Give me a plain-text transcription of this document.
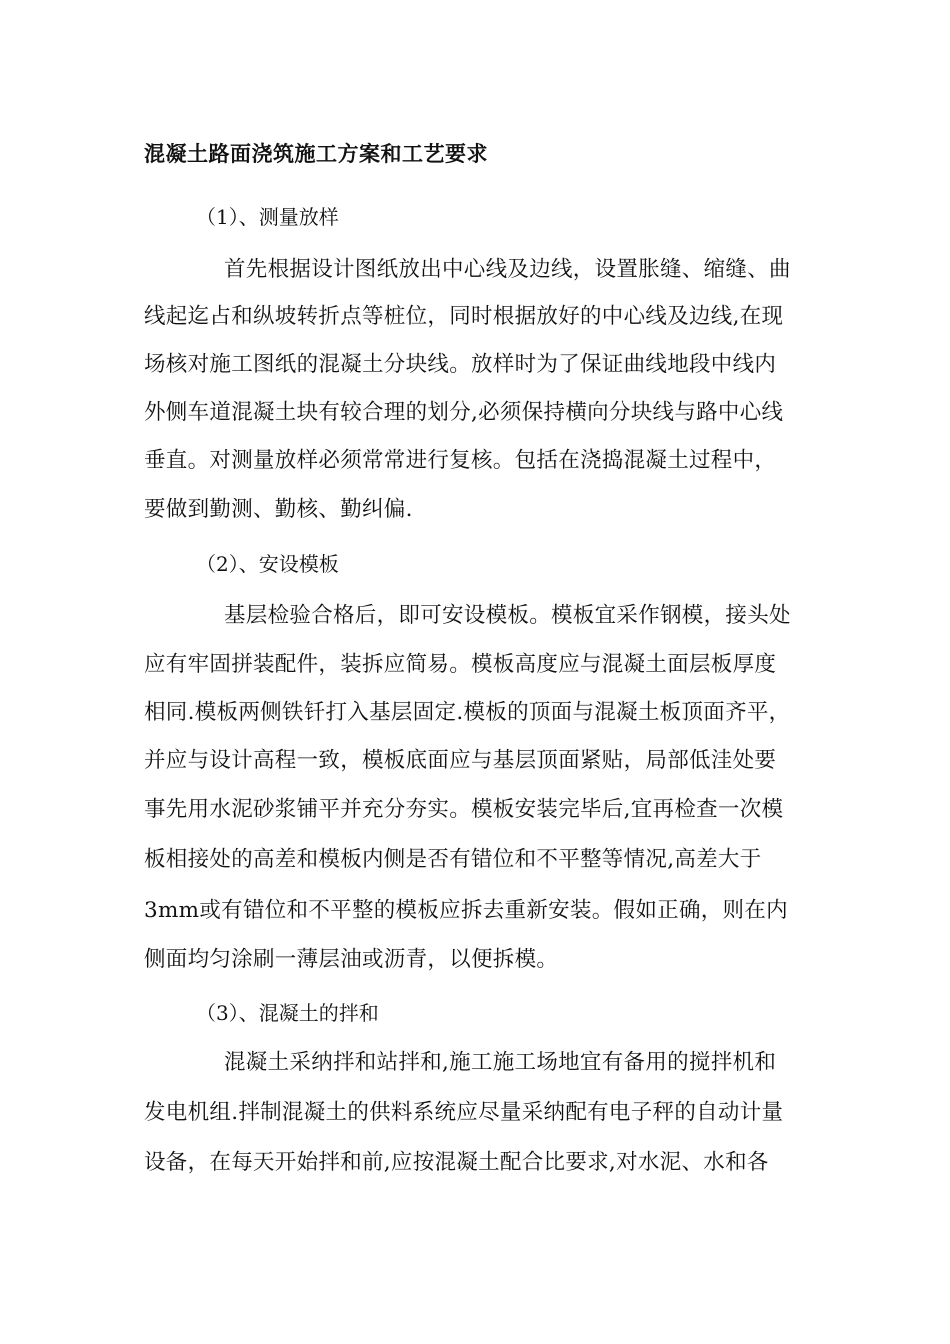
混凝土路面浇筑施工方案和工艺要求
（1）、测量放样
首先根据设计图纸放出中心线及边线，设置胀缝、缩缝、曲
线起迄占和纵坡转折点等桩位，同时根据放好的中心线及边线,在现
场核对施工图纸的混凝土分块线。放样时为了保证曲线地段中线内
外侧车道混凝土块有较合理的划分,必须保持横向分块线与路中心线
垂直。对测量放样必须常常进行复核。包括在浇捣混凝土过程中，
要做到勤测、勤核、勤纠偏.
（2）、安设模板
基层检验合格后，即可安设模板。模板宜采作钢模，接头处
应有牢固拼装配件，装拆应简易。模板高度应与混凝土面层板厚度
相同.模板两侧铁钎打入基层固定.模板的顶面与混凝土板顶面齐平，
并应与设计高程一致，模板底面应与基层顶面紧贴，局部低洼处要
事先用水泥砂浆铺平并充分夯实。模板安装完毕后,宜再检查一次模
板相接处的高差和模板内侧是否有错位和不平整等情况,高差大于
3mm或有错位和不平整的模板应拆去重新安装。假如正确，则在内
侧面均匀涂刷一薄层油或沥青，以便拆模。
（3）、混凝土的拌和
混凝土采纳拌和站拌和,施工施工场地宜有备用的搅拌机和
发电机组.拌制混凝土的供料系统应尽量采纳配有电子秤的自动计量
设备，在每天开始拌和前,应按混凝土配合比要求,对水泥、水和各
